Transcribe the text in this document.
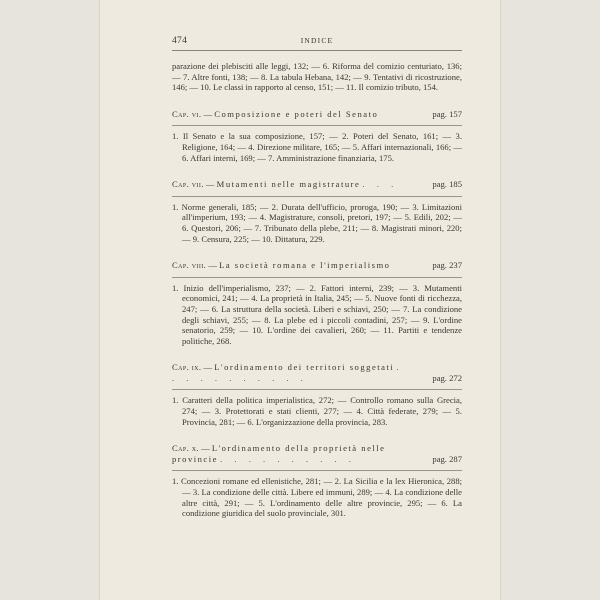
474	INDICE

parazione dei plebisciti alle leggi, 132; — 6. Riforma del comizio centuriato, 136; — 7. Altre fonti, 138; — 8. La tabula Hebana, 142; — 9. Tentativi di ricostruzione, 146; — 10. Le classi in rapporto al censo, 151; — 11. Il comizio tributo, 154.

Cap. vi. — Composizione e poteri del Senato	pag. 157

1. Il Senato e la sua composizione, 157; — 2. Poteri del Senato, 161; — 3. Religione, 164; — 4. Direzione militare, 165; — 5. Affari internazionali, 166; — 6. Affari interni, 169; — 7. Amministrazione finanziaria, 175.

Cap. vii. — Mutamenti nelle magistrature . . .	pag. 185

1. Norme generali, 185; — 2. Durata dell'ufficio, proroga, 190; — 3. Limitazioni all'imperium, 193; — 4. Magistrature, consoli, pretori, 197; — 5. Edili, 202; — 6. Questori, 206; — 7. Tribunato della plebe, 211; — 8. Magistrati minori, 220; — 9. Censura, 225; — 10. Dittatura, 229.

Cap. viii. — La società romana e l'imperialismo	pag. 237

1. Inizio dell'imperialismo, 237; — 2. Fattori interni, 239; — 3. Mutamenti economici, 241; — 4. La proprietà in Italia, 245; — 5. Nuove fonti di ricchezza, 247; — 6. La struttura della società. Liberi e schiavi, 250; — 7. La condizione degli schiavi, 255; — 8. La plebe ed i piccoli contadini, 257; — 9. L'ordine senatorio, 259; — 10. L'ordine dei cavalieri, 260; — 11. Partiti e tendenze politiche, 268.

Cap. ix. — L'ordinamento dei territori soggetati . . . . . . . . . . .	pag. 272

1. Caratteri della politica imperialistica, 272; — Controllo romano sulla Grecia, 274; — 3. Protettorati e stati clienti, 277; — 4. Città federate, 279; — 5. Provincia, 281; — 6. L'organizzazione della provincia, 283.

Cap. x. — L'ordinamento della proprietà nelle provincie . . . . . . . . . .	pag. 287

1. Concezioni romane ed ellenistiche, 281; — 2. La Sicilia e la lex Hieronica, 288; — 3. La condizione delle città. Libere ed immuni, 289; — 4. La condizione delle altre città, 291; — 5. L'ordinamento delle altre provincie, 295; — 6. La condizione giuridica del suolo provinciale, 301.
